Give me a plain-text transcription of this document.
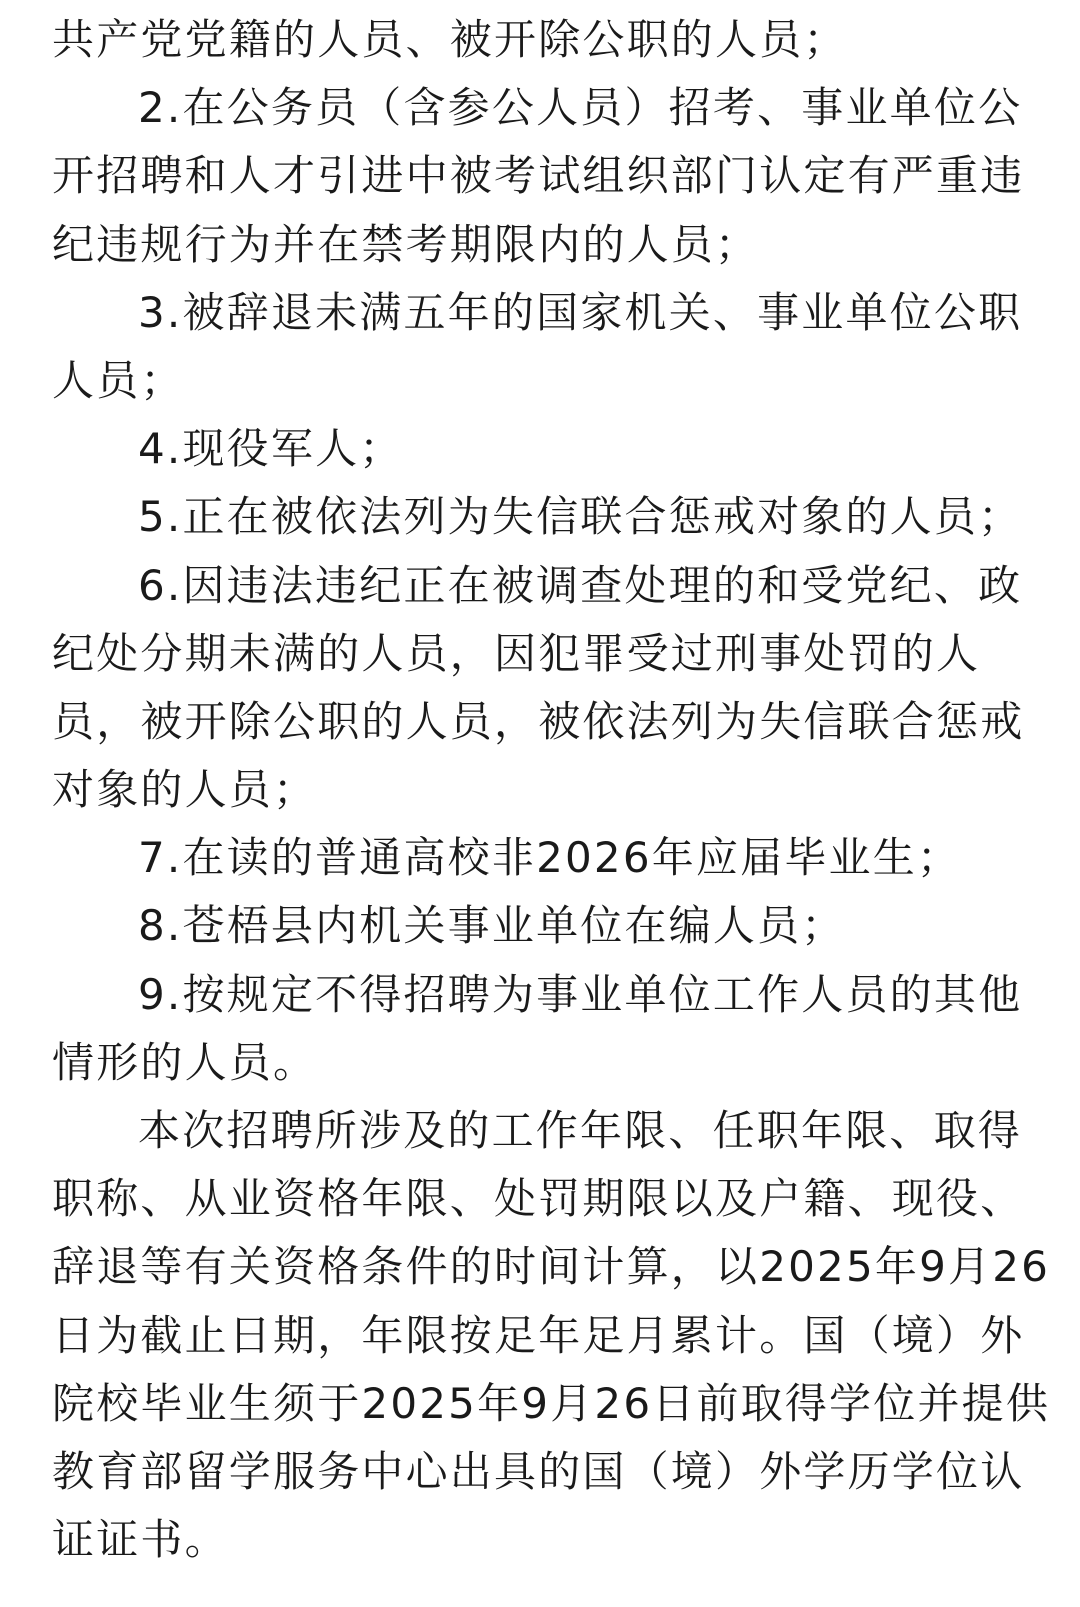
共产党党籍的人员、被开除公职的人员；
2.在公务员（含参公人员）招考、事业单位公
开招聘和人才引进中被考试组织部门认定有严重违
纪违规行为并在禁考期限内的人员；
3.被辞退未满五年的国家机关、事业单位公职
人员；
4.现役军人；
5.正在被依法列为失信联合惩戒对象的人员；
6.因违法违纪正在被调查处理的和受党纪、政
纪处分期未满的人员，因犯罪受过刑事处罚的人
员，被开除公职的人员，被依法列为失信联合惩戒
对象的人员；
7.在读的普通高校非2026年应届毕业生；
8.苍梧县内机关事业单位在编人员；
9.按规定不得招聘为事业单位工作人员的其他
情形的人员。
本次招聘所涉及的工作年限、任职年限、取得
职称、从业资格年限、处罚期限以及户籍、现役、
辞退等有关资格条件的时间计算，以2025年9月26
日为截止日期，年限按足年足月累计。国（境）外
院校毕业生须于2025年9月26日前取得学位并提供
教育部留学服务中心出具的国（境）外学历学位认
证证书。
